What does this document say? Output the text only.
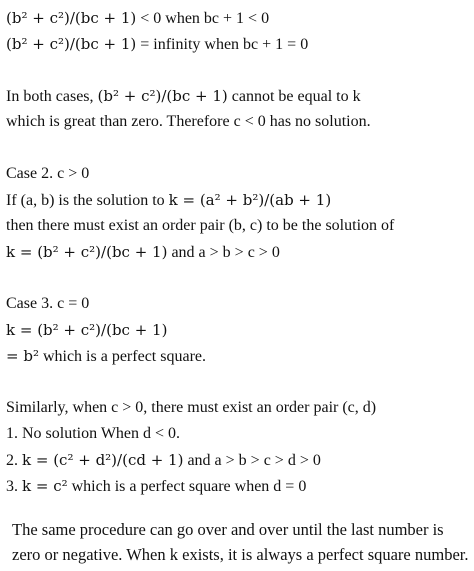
(b² + c²)/(bc + 1) < 0 when bc + 1 < 0
(b² + c²)/(bc + 1) = infinity when bc + 1 = 0
In both cases, (b² + c²)/(bc + 1) cannot be equal to k
which is great than zero. Therefore c < 0 has no solution.
Case 2. c > 0
If (a, b) is the solution to k = (a² + b²)/(ab + 1)
then there must exist an order pair (b, c) to be the solution of
k = (b² + c²)/(bc + 1) and a > b > c > 0
Case 3. c = 0
k = (b² + c²)/(bc + 1)
= b² which is a perfect square.
Similarly, when c > 0, there must exist an order pair (c, d)
1. No solution When d < 0.
2. k = (c² + d²)/(cd + 1) and a > b > c > d > 0
3. k = c² which is a perfect square when d = 0
The same procedure can go over and over until the last number is
zero or negative. When k exists, it is always a perfect square number.
